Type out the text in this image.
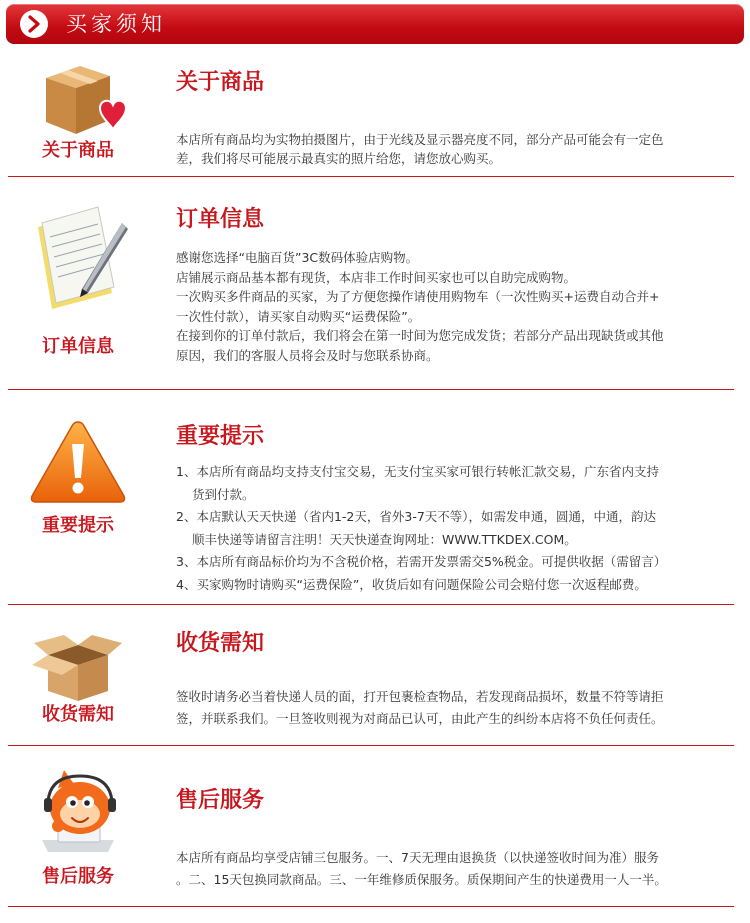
买家须知
关于商品
关于商品

本店所有商品均为实物拍摄图片，由于光线及显示器亮度不同，部分产品可能会有一定色

差，我们将尽可能展示最真实的照片给您，请您放心购买。

订单信息
订单信息

感谢您选择“电脑百货”3C数码体验店购物。

店铺展示商品基本都有现货，本店非工作时间买家也可以自助完成购物。

一次购买多件商品的买家，为了方便您操作请使用购物车（一次性购买+运费自动合并+

一次性付款），请买家自动购买“运费保险”。

在接到你的订单付款后，我们将会在第一时间为您完成发货；若部分产品出现缺货或其他

原因，我们的客服人员将会及时与您联系协商。

重要提示
重要提示

1、本店所有商品均支持支付宝交易，无支付宝买家可银行转帐汇款交易，广东省内支持

货到付款。

2、本店默认天天快递（省内1-2天，省外3-7天不等），如需发申通，圆通，中通，韵达

顺丰快递等请留言注明！天天快递查询网址：WWW.TTKDEX.COM。

3、本店所有商品标价均为不含税价格，若需开发票需交5%税金。可提供收据（需留言）

4、买家购物时请购买“运费保险”，收货后如有问题保险公司会赔付您一次返程邮费。

收货需知
收货需知

签收时请务必当着快递人员的面，打开包裹检查物品，若发现商品损坏，数量不符等请拒

签，并联系我们。一旦签收则视为对商品已认可，由此产生的纠纷本店将不负任何责任。

售后服务
售后服务

本店所有商品均享受店铺三包服务。一、7天无理由退换货（以快递签收时间为准）服务

。二、15天包换同款商品。三、一年维修质保服务。质保期间产生的快递费用一人一半。
